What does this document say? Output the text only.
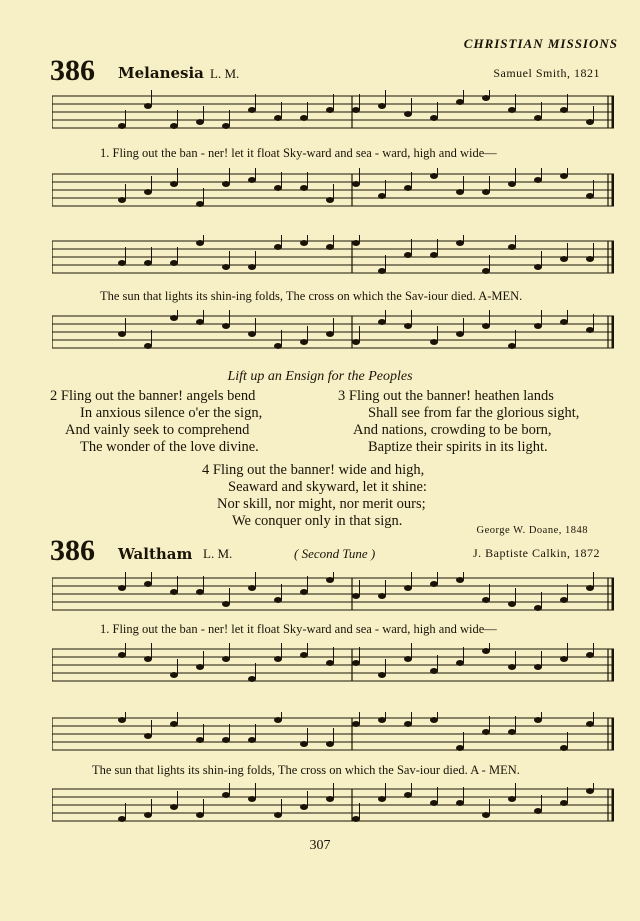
CHRISTIAN MISSIONS
386 Melanesia L. M.	Samuel Smith, 1821
1. Fling out the ban - ner! let it float Sky-ward and sea - ward, high and wide—
The sun that lights its shin-ing folds, The cross on which the Sav-iour died. A-MEN.
Lift up an Ensign for the Peoples
2 Fling out the banner! angels bend
In anxious silence o'er the sign,
And vainly seek to comprehend
The wonder of the love divine.
3 Fling out the banner! heathen lands
Shall see from far the glorious sight,
And nations, crowding to be born,
Baptize their spirits in its light.
4 Fling out the banner! wide and high,
Seaward and skyward, let it shine:
Nor skill, nor might, nor merit ours;
We conquer only in that sign.
George W. Doane, 1848
386 Waltham L. M.	( Second Tune )	J. Baptiste Calkin, 1872
1. Fling out the ban - ner! let it float Sky-ward and sea - ward, high and wide—
The sun that lights its shin-ing folds, The cross on which the Sav-iour died. A - MEN.
307
